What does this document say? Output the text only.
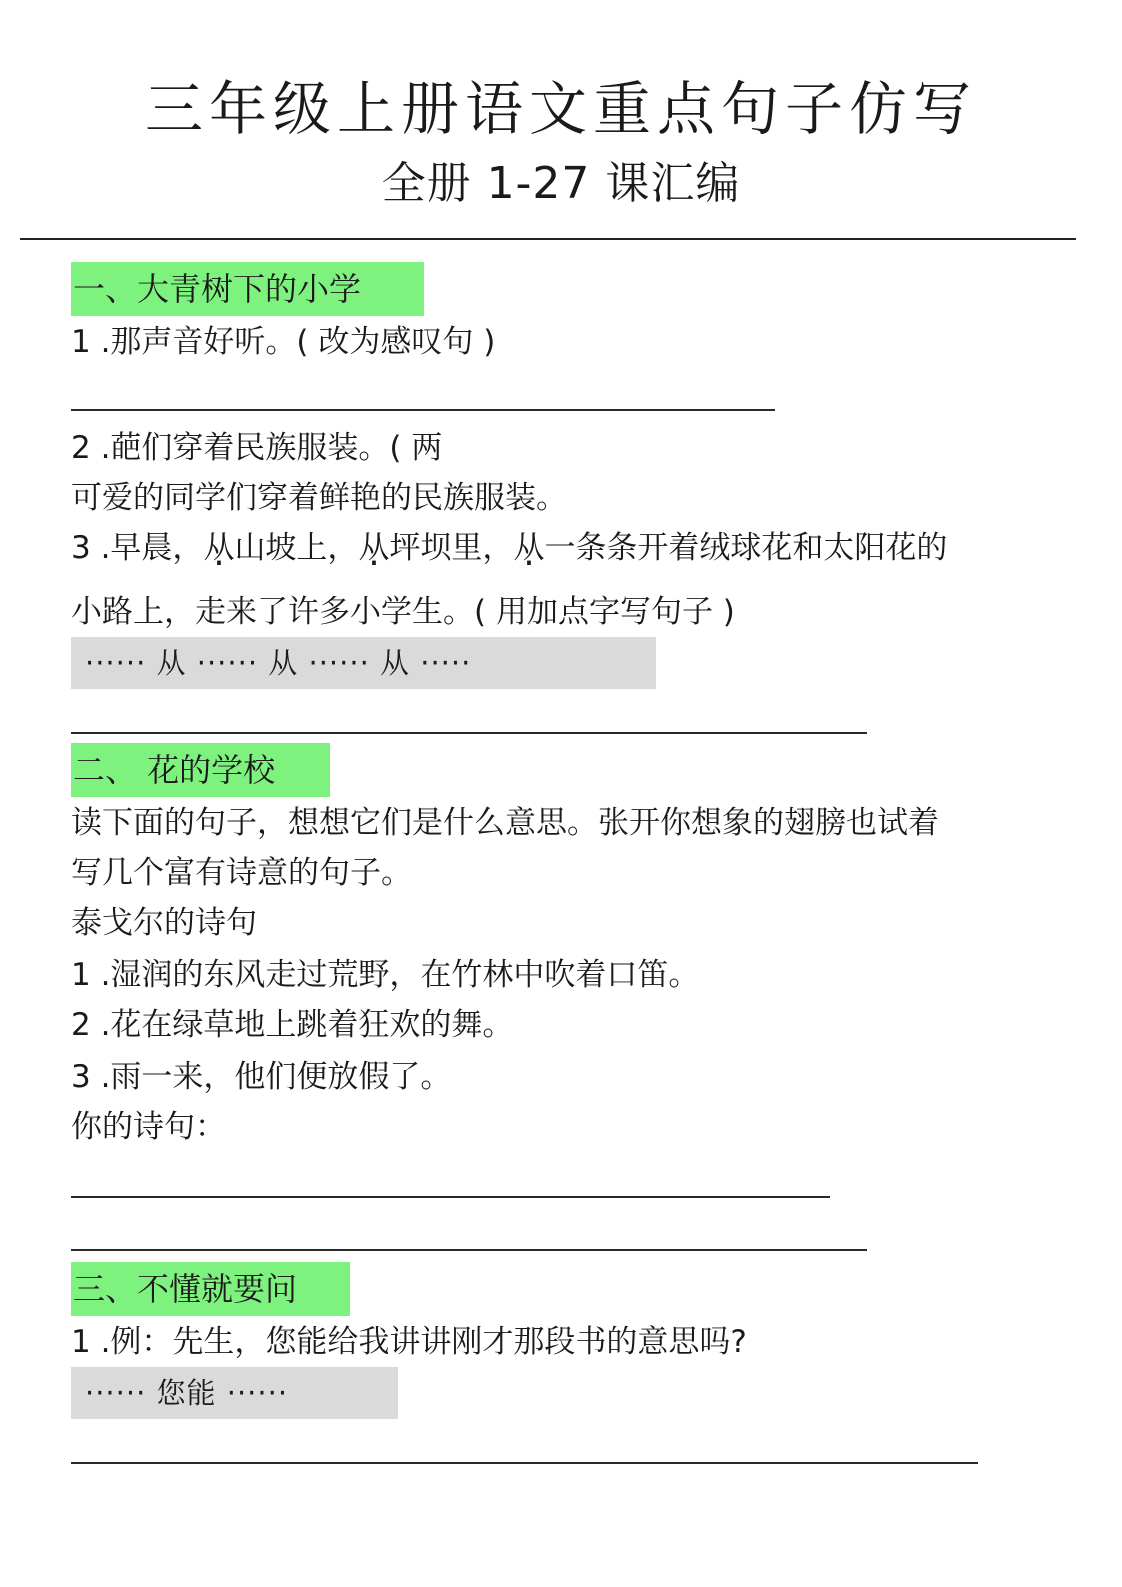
三年级上册语文重点句子仿写
全册 1-27 课汇编
一、大青树下的小学
1 .那声音好听。( 改为感叹句 )
2 .葩们穿着民族服装。( 两
可爱的同学们穿着鲜艳的民族服装。
3 .早晨，从山坡上，从坪坝里，从一条条开着绒球花和太阳花的
小路上，走来了许多小学生。( 用加点字写句子 )
······ 从 ······ 从 ······ 从 ·····
二、 花的学校
读下面的句子，想想它们是什么意思。张开你想象的翅膀也试着
写几个富有诗意的句子。
泰戈尔的诗句
1 .湿润的东风走过荒野，在竹林中吹着口笛。
2 .花在绿草地上跳着狂欢的舞。
3 .雨一来，他们便放假了。
你的诗句：
三、不懂就要问
1 .例：先生，您能给我讲讲刚才那段书的意思吗?
······ 您能 ······
